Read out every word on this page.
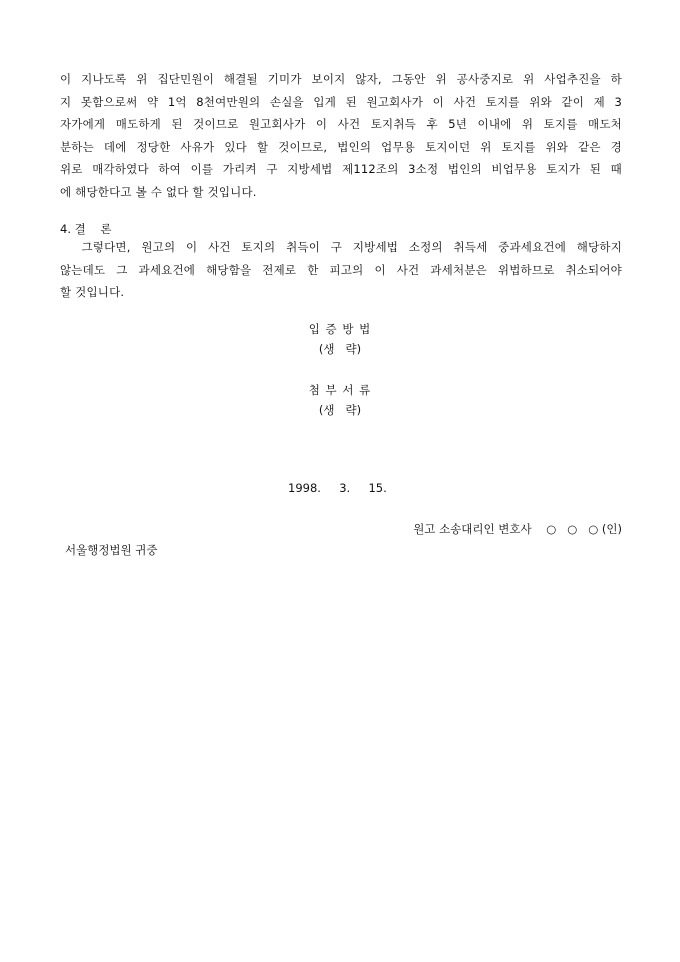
이 지나도록 위 집단민원이 해결될 기미가 보이지 않자, 그동안 위 공사중지로 위 사업추진을 하
지 못함으로써 약 1억 8천여만원의 손실을 입게 된 원고회사가 이 사건 토지를 위와 같이 제 3
자가에게 매도하게 된 것이므로 원고회사가 이 사건 토지취득 후 5년 이내에 위 토지를 매도처
분하는 데에 정당한 사유가 있다 할 것이므로, 법인의 업무용 토지이던 위 토지를 위와 같은 경
위로 매각하였다 하여 이를 가리켜 구 지방세법 제112조의 3소정 법인의 비업무용 토지가 된 때
에 해당한다고 볼 수 없다 할 것입니다.
4. 결    론
그렇다면, 원고의 이 사건 토지의 취득이 구 지방세법 소정의 취득세 중과세요건에 해당하지
않는데도 그 과세요건에 해당함을 전제로 한 피고의 이 사건 과세처분은 위법하므로 취소되어야
할 것입니다.
입 증 방 법
(생   략)
첨 부 서 류
(생   략)
1998.     3.     15.
원고 소송대리인 변호사    ○   ○   ○ (인)
서울행정법원 귀중
